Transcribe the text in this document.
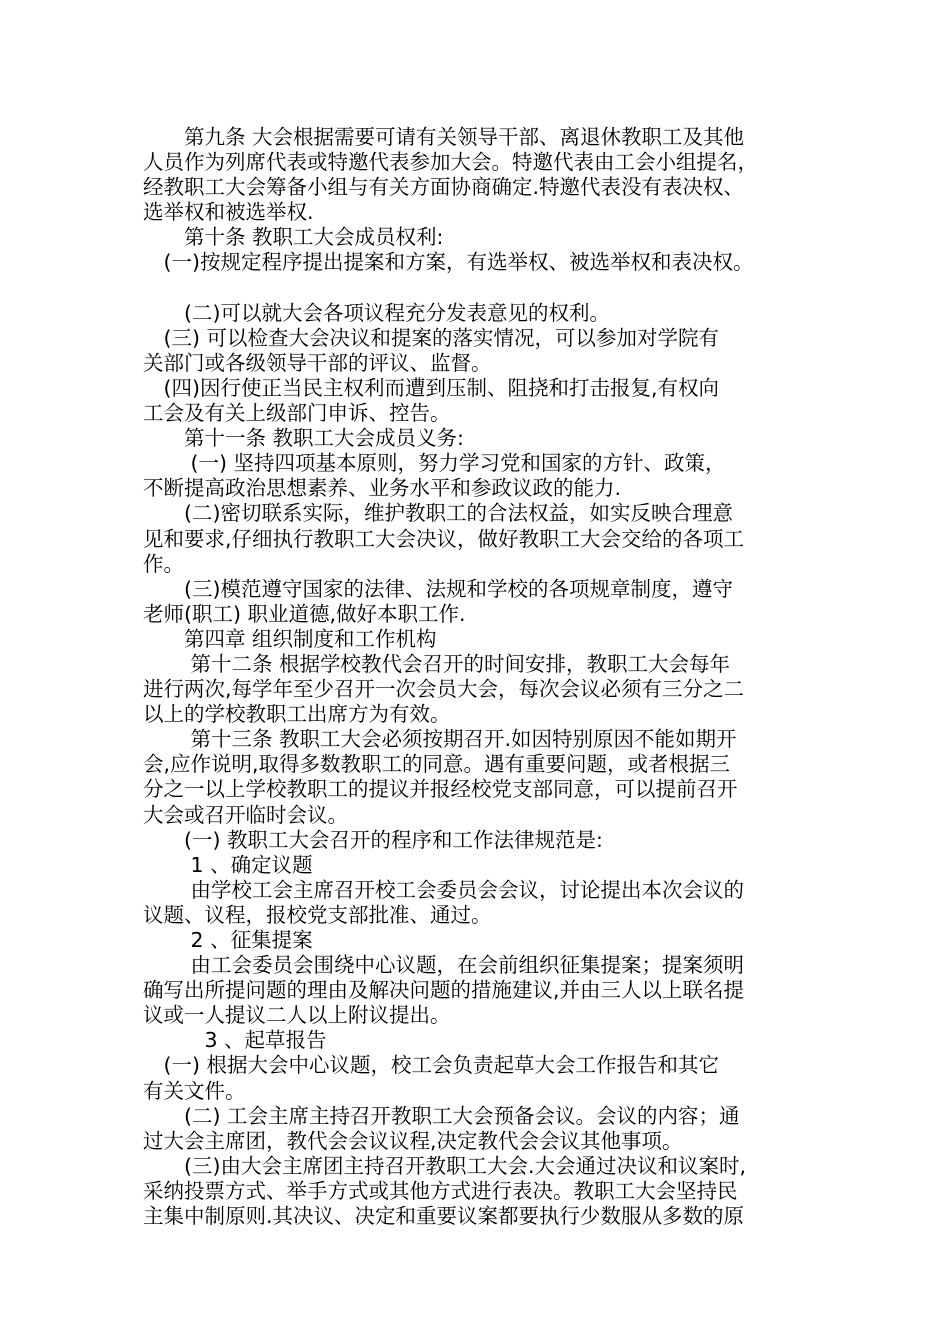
　　第九条 大会根据需要可请有关领导干部、离退休教职工及其他
人员作为列席代表或特邀代表参加大会。特邀代表由工会小组提名，
经教职工大会筹备小组与有关方面协商确定.特邀代表没有表决权、
选举权和被选举权.
　　第十条 教职工大会成员权利:
　(一)按规定程序提出提案和方案，有选举权、被选举权和表决权。
　　(二)可以就大会各项议程充分发表意见的权利。
　(三) 可以检查大会决议和提案的落实情况，可以参加对学院有
关部门或各级领导干部的评议、监督。
　(四)因行使正当民主权利而遭到压制、阻挠和打击报复,有权向
工会及有关上级部门申诉、控告。
　　第十一条 教职工大会成员义务:
　　 (一) 坚持四项基本原则，努力学习党和国家的方针、政策，
不断提高政治思想素养、业务水平和参政议政的能力.
　　(二)密切联系实际，维护教职工的合法权益，如实反映合理意
见和要求,仔细执行教职工大会决议，做好教职工大会交给的各项工
作。
　　(三)模范遵守国家的法律、法规和学校的各项规章制度，遵守
老师(职工) 职业道德,做好本职工作.
　　第四章 组织制度和工作机构
　　 第十二条 根据学校教代会召开的时间安排，教职工大会每年
进行两次,每学年至少召开一次会员大会，每次会议必须有三分之二
以上的学校教职工出席方为有效。
　　 第十三条 教职工大会必须按期召开.如因特别原因不能如期开
会,应作说明,取得多数教职工的同意。遇有重要问题，或者根据三
分之一以上学校教职工的提议并报经校党支部同意，可以提前召开
大会或召开临时会议。
　　(一) 教职工大会召开的程序和工作法律规范是:
　　 1 、确定议题
　　 由学校工会主席召开校工会委员会会议，讨论提出本次会议的
议题、议程，报校党支部批准、通过。
　　 2 、征集提案
　　 由工会委员会围绕中心议题，在会前组织征集提案；提案须明
确写出所提问题的理由及解决问题的措施建议,并由三人以上联名提
议或一人提议二人以上附议提出。
　　　3 、起草报告
　(一) 根据大会中心议题，校工会负责起草大会工作报告和其它
有关文件。
　　(二) 工会主席主持召开教职工大会预备会议。会议的内容；通
过大会主席团，教代会会议议程,决定教代会会议其他事项。
　　(三)由大会主席团主持召开教职工大会.大会通过决议和议案时,
采纳投票方式、举手方式或其他方式进行表决。教职工大会坚持民
主集中制原则.其决议、决定和重要议案都要执行少数服从多数的原
